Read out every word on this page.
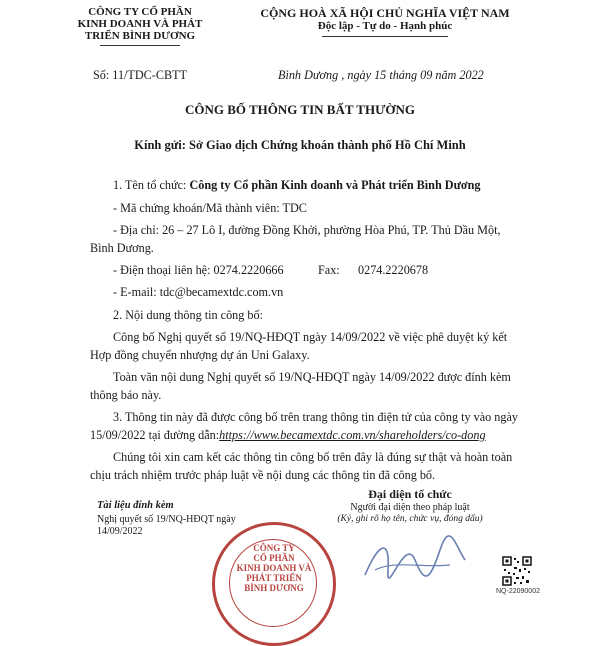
CÔNG TY CỔ PHẦN
KINH DOANH VÀ PHÁT
TRIỂN BÌNH DƯƠNG
CỘNG HOÀ XÃ HỘI CHỦ NGHĨA VIỆT NAM
Độc lập - Tự do - Hạnh phúc
Số: 11/TDC-CBTT	Bình Dương , ngày 15 tháng 09 năm 2022
CÔNG BỐ THÔNG TIN BẤT THƯỜNG
Kính gửi: Sở Giao dịch Chứng khoán thành phố Hồ Chí Minh
1. Tên tổ chức: Công ty Cổ phần Kinh doanh và Phát triển Bình Dương
- Mã chứng khoán/Mã thành viên: TDC
- Địa chỉ: 26 – 27 Lô I, đường Đồng Khởi, phường Hòa Phú, TP. Thủ Dầu Một,
Bình Dương.
- Điện thoại liên hệ: 0274.2220666	Fax: 0274.2220678
- E-mail: tdc@becamextdc.com.vn
2. Nội dung thông tin công bố:
Công bố Nghị quyết số 19/NQ-HĐQT ngày 14/09/2022 về việc phê duyệt ký kết
Hợp đồng chuyển nhượng dự án Uni Galaxy.
Toàn văn nội dung Nghị quyết số 19/NQ-HĐQT ngày 14/09/2022 được đính kèm
thông báo này.
3. Thông tin này đã được công bố trên trang thông tin điện tử của công ty vào ngày
15/09/2022 tại đường dẫn:https://www.becamextdc.com.vn/shareholders/co-dong
Chúng tôi xin cam kết các thông tin công bố trên đây là đúng sự thật và hoàn toàn
chịu trách nhiệm trước pháp luật về nội dung các thông tin đã công bố.
Tài liệu đính kèm
Nghị quyết số 19/NQ-HĐQT ngày
14/09/2022
Đại diện tổ chức
Người đại diện theo pháp luật
(Ký, ghi rõ họ tên, chức vụ, đóng dấu)
CÔNG TY
CỔ PHẦN
KINH DOANH VÀ
PHÁT TRIỂN
BÌNH DƯƠNG	NQ-22090002
